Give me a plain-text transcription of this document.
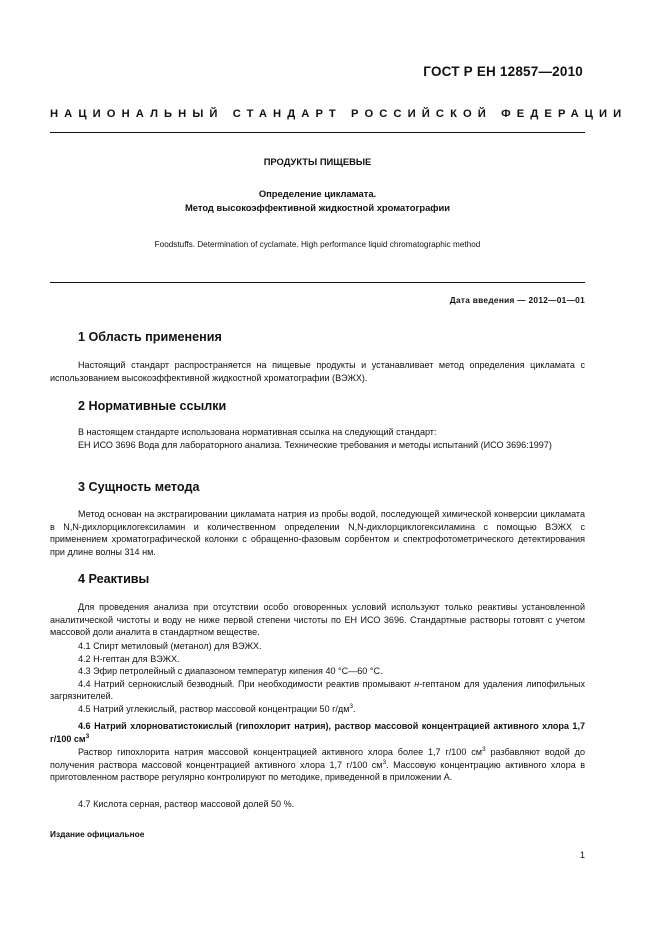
ГОСТ Р ЕН 12857—2010
НАЦИОНАЛЬНЫЙ СТАНДАРТ РОССИЙСКОЙ ФЕДЕРАЦИИ
ПРОДУКТЫ ПИЩЕВЫЕ
Определение цикламата.
Метод высокоэффективной жидкостной хроматографии
Foodstuffs. Determination of cyclamate. High performance liquid chromatographic method
Дата введения — 2012—01—01
1 Область применения
Настоящий стандарт распространяется на пищевые продукты и устанавливает метод определения цикламата с использованием высокоэффективной жидкостной хроматографии (ВЭЖХ).
2 Нормативные ссылки
В настоящем стандарте использована нормативная ссылка на следующий стандарт:
ЕН ИСО 3696 Вода для лабораторного анализа. Технические требования и методы испытаний (ИСО 3696:1997)
3 Сущность метода
Метод основан на экстрагировании цикламата натрия из пробы водой, последующей химической конверсии цикламата в N,N-дихлорциклогексиламин и количественном определении N,N-дихлорциклогексиламина с помощью ВЭЖХ с применением хроматографической колонки с обращенно-фазовым сорбентом и спектрофотометрического детектирования при длине волны 314 нм.
4 Реактивы
Для проведения анализа при отсутствии особо оговоренных условий используют только реактивы установленной аналитической чистоты и воду не ниже первой степени чистоты по ЕН ИСО 3696. Стандартные растворы готовят с учетом массовой доли аналита в стандартном веществе.
4.1 Спирт метиловый (метанол) для ВЭЖХ.
4.2 Н-гептан для ВЭЖХ.
4.3 Эфир петролейный с диапазоном температур кипения 40 °С—60 °С.
4.4 Натрий сернокислый безводный. При необходимости реактив промывают н-гептаном для удаления липофильных загрязнителей.
4.5 Натрий углекислый, раствор массовой концентрации 50 $г/дм^3$.
4.6 Натрий хлорноватистокислый (гипохлорит натрия), раствор массовой концентрацией активного хлора 1,7 г/100 $см^3$
Раствор гипохлорита натрия массовой концентрацией активного хлора более 1,7 г/100 $см^3$ разбавляют водой до получения раствора массовой концентрацией активного хлора 1,7 г/100 $см^3$. Массовую концентрацию активного хлора в приготовленном растворе регулярно контролируют по методике, приведенной в приложении А.
4.7 Кислота серная, раствор массовой долей 50 %.
Издание официальное
1
